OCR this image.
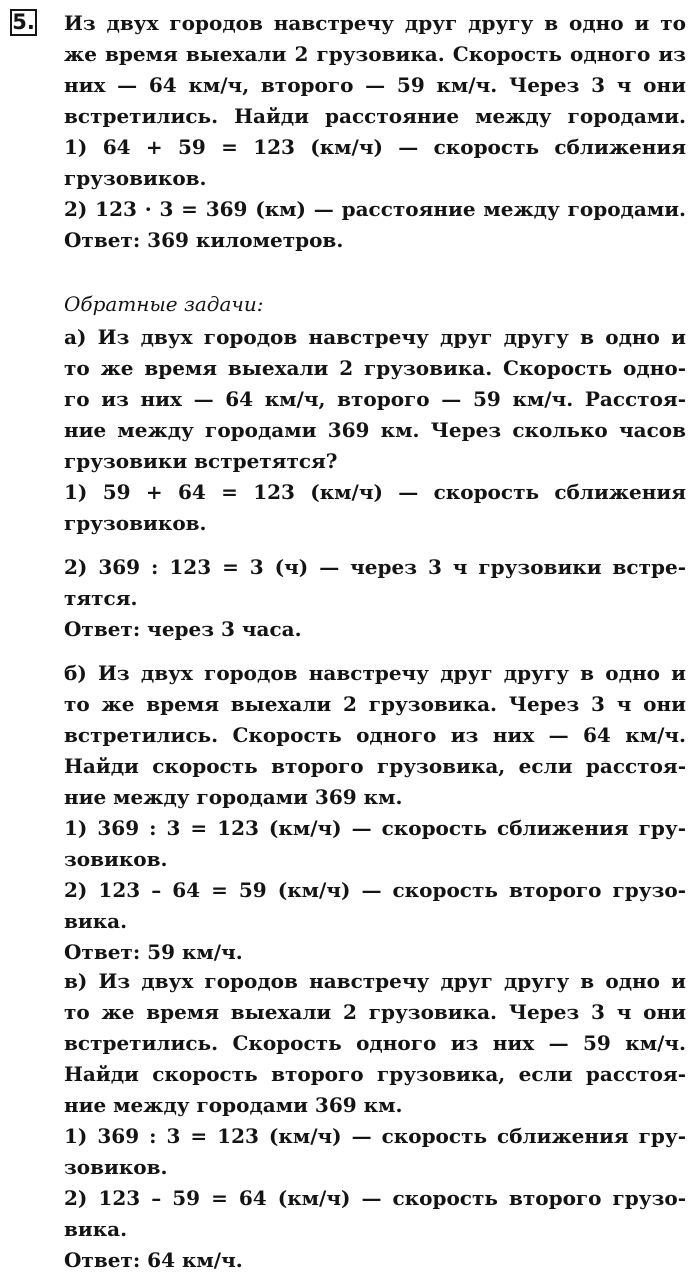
5. Из двух городов навстречу друг другу в одно и то
же время выехали 2 грузовика. Скорость одного из
них — 64 км/ч, второго — 59 км/ч. Через 3 ч они
встретились. Найди расстояние между городами.
1) 64 + 59 = 123 (км/ч) — скорость сближения
грузовиков.
2) 123 · 3 = 369 (км) — расстояние между городами.
Ответ: 369 километров.
Обратные задачи:
а) Из двух городов навстречу друг другу в одно и
то же время выехали 2 грузовика. Скорость одно-
го из них — 64 км/ч, второго — 59 км/ч. Расстоя-
ние между городами 369 км. Через сколько часов
грузовики встретятся?
1) 59 + 64 = 123 (км/ч) — скорость сближения
грузовиков.
2) 369 : 123 = 3 (ч) — через 3 ч грузовики встре-
тятся.
Ответ: через 3 часа.
б) Из двух городов навстречу друг другу в одно и
то же время выехали 2 грузовика. Через 3 ч они
встретились. Скорость одного из них — 64 км/ч.
Найди скорость второго грузовика, если расстоя-
ние между городами 369 км.
1) 369 : 3 = 123 (км/ч) — скорость сближения гру-
зовиков.
2) 123 – 64 = 59 (км/ч) — скорость второго грузо-
вика.
Ответ: 59 км/ч.
в) Из двух городов навстречу друг другу в одно и
то же время выехали 2 грузовика. Через 3 ч они
встретились. Скорость одного из них — 59 км/ч.
Найди скорость второго грузовика, если расстоя-
ние между городами 369 км.
1) 369 : 3 = 123 (км/ч) — скорость сближения гру-
зовиков.
2) 123 – 59 = 64 (км/ч) — скорость второго грузо-
вика.
Ответ: 64 км/ч.
